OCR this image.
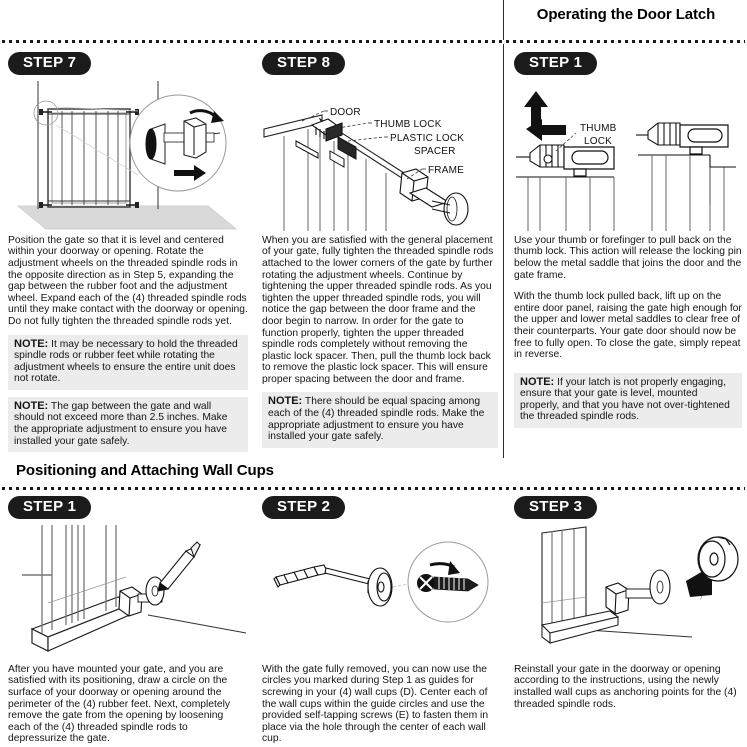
Operating the Door Latch
STEP 7
Position the gate so that it is level and centered within your doorway or opening. Rotate the adjustment wheels on the threaded spindle rods in the opposite direction as in Step 5, expanding the gap between the rubber foot and the adjustment wheel. Expand each of the (4) threaded spindle rods until they make contact with the doorway or opening. Do not fully tighten the threaded spindle rods yet.
NOTE: It may be necessary to hold the threaded spindle rods or rubber feet while rotating the adjustment wheels to ensure the entire unit does not rotate.
NOTE: The gap between the gate and wall should not exceed more than 2.5 inches. Make the appropriate adjustment to ensure you have installed your gate safely.
STEP 8
DOOR
THUMB LOCK
PLASTIC LOCK
SPACER
FRAME
When you are satisfied with the general placement of your gate, fully tighten the threaded spindle rods attached to the lower corners of the gate by further rotating the adjustment wheels. Continue by tightening the upper threaded spindle rods. As you tighten the upper threaded spindle rods, you will notice the gap between the door frame and the door begin to narrow. In order for the gate to function properly, tighten the upper threaded spindle rods completely without removing the plastic lock spacer. Then, pull the thumb lock back to remove the plastic lock spacer. This will ensure proper spacing between the door and frame.
NOTE: There should be equal spacing among each of the (4) threaded spindle rods. Make the appropriate adjustment to ensure you have installed your gate safely.
STEP 1
THUMB
LOCK
Use your thumb or forefinger to pull back on the thumb lock. This action will release the locking pin below the metal saddle that joins the door and the gate frame.
With the thumb lock pulled back, lift up on the entire door panel, raising the gate high enough for the upper and lower metal saddles to clear free of their counterparts. Your gate door should now be free to fully open. To close the gate, simply repeat in reverse.
NOTE: If your latch is not properly engaging, ensure that your gate is level, mounted properly, and that you have not over-tightened the threaded spindle rods.
Positioning and Attaching Wall Cups
STEP 1
After you have mounted your gate, and you are satisfied with its positioning, draw a circle on the surface of your doorway or opening around the perimeter of the (4) rubber feet. Next, completely remove the gate from the opening by loosening each of the (4) threaded spindle rods to depressurize the gate.
STEP 2
With the gate fully removed, you can now use the circles you marked during Step 1 as guides for screwing in your (4) wall cups (D). Center each of the wall cups within the guide circles and use the provided self-tapping screws (E) to fasten them in place via the hole through the center of each wall cup.
STEP 3
Reinstall your gate in the doorway or opening according to the instructions, using the newly installed wall cups as anchoring points for the (4) threaded spindle rods.
